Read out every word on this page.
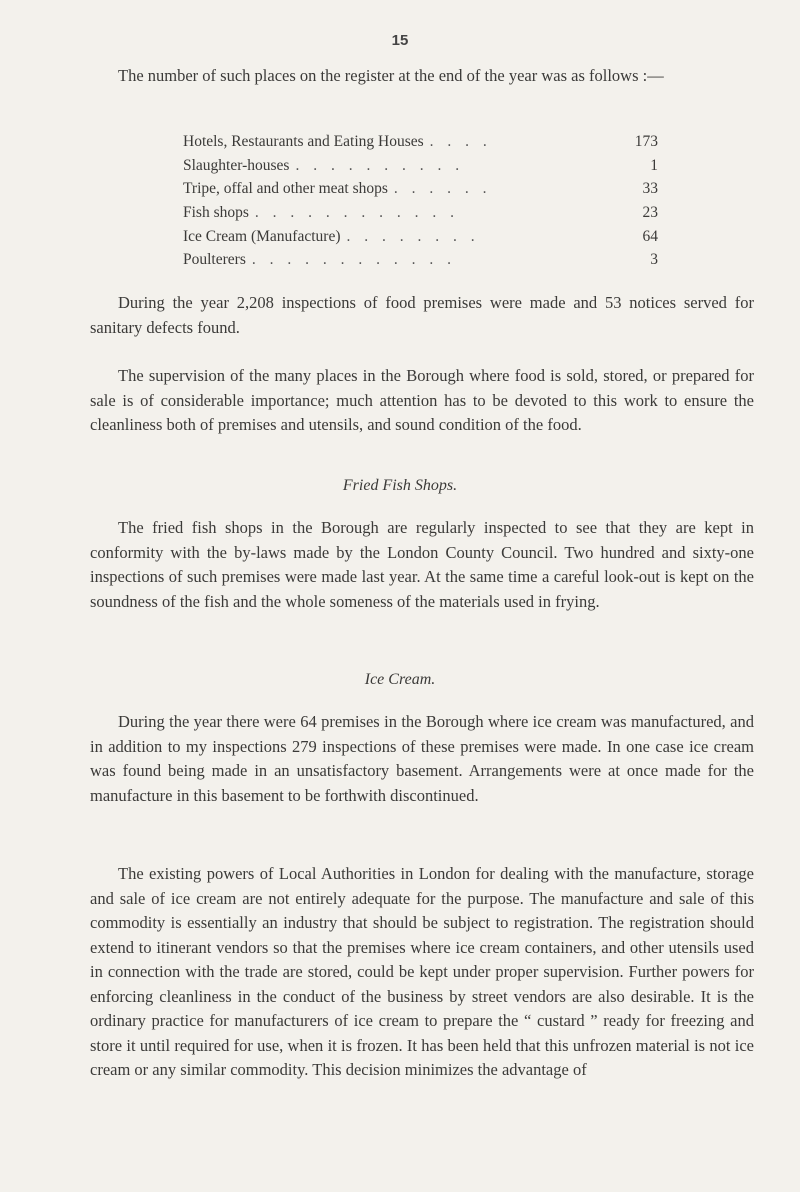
15

The number of such places on the register at the end of the year was as follows :—

Hotels, Restaurants and Eating Houses . . . .	173
Slaughter-houses . . . . . . . . . .	1
Tripe, offal and other meat shops . . . . . .	33
Fish shops . . . . . . . . . . . .	23
Ice Cream (Manufacture) . . . . . . . .	64
Poulterers . . . . . . . . . . . .	3

During the year 2,208 inspections of food premises were made and 53 notices served for sanitary defects found.

The supervision of the many places in the Borough where food is sold, stored, or prepared for sale is of considerable importance; much attention has to be devoted to this work to ensure the cleanliness both of premises and utensils, and sound condition of the food.

Fried Fish Shops.

The fried fish shops in the Borough are regularly inspected to see that they are kept in conformity with the by-laws made by the London County Council. Two hundred and sixty-one inspections of such premises were made last year. At the same time a careful look-out is kept on the soundness of the fish and the whole someness of the materials used in frying.

Ice Cream.

During the year there were 64 premises in the Borough where ice cream was manufactured, and in addition to my inspections 279 inspections of these premises were made. In one case ice cream was found being made in an unsatisfactory basement. Arrangements were at once made for the manufacture in this basement to be forthwith discontinued.

The existing powers of Local Authorities in London for dealing with the manufacture, storage and sale of ice cream are not entirely adequate for the purpose. The manufacture and sale of this commodity is essentially an industry that should be subject to registration. The registration should extend to itinerant vendors so that the premises where ice cream containers, and other utensils used in connection with the trade are stored, could be kept under proper supervision. Further powers for enforcing cleanliness in the conduct of the business by street vendors are also desirable. It is the ordinary practice for manufacturers of ice cream to prepare the “ custard ” ready for freezing and store it until required for use, when it is frozen. It has been held that this unfrozen material is not ice cream or any similar commodity. This decision minimizes the advantage of
